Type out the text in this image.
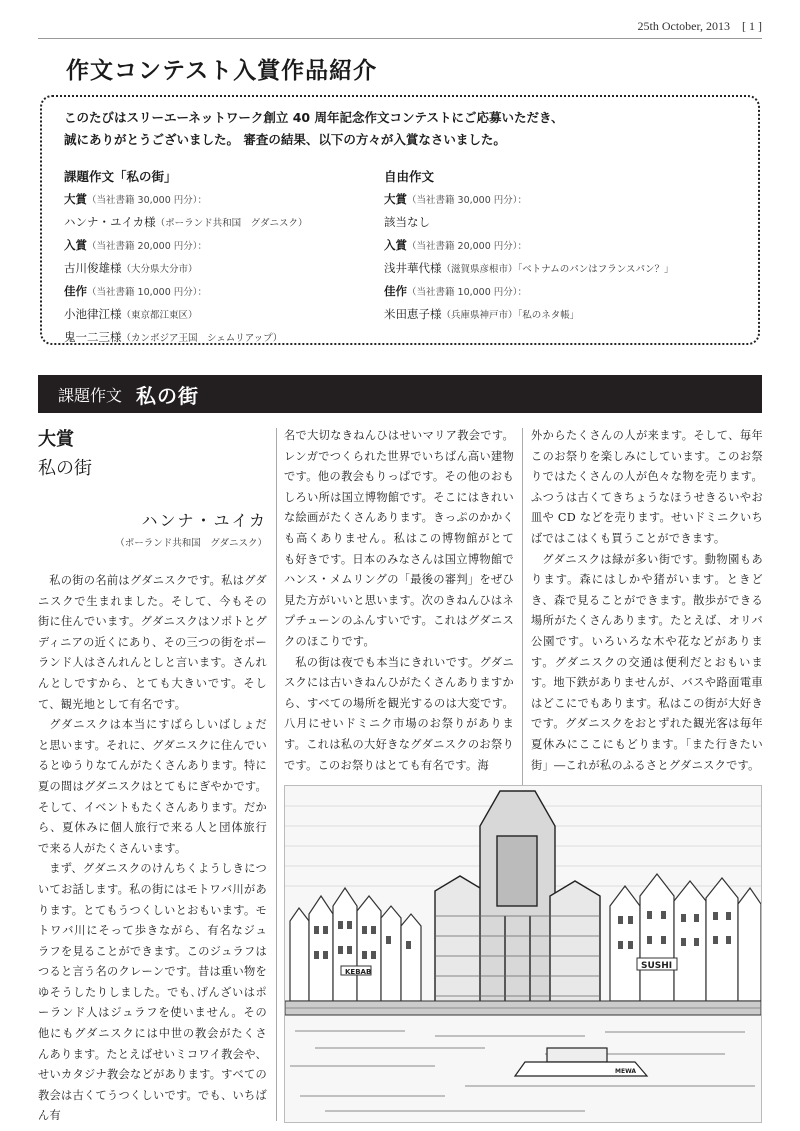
25th October, 2013　[ 1 ]
作文コンテスト入賞作品紹介
このたびはスリーエーネットワーク創立 40 周年記念作文コンテストにご応募いただき、
誠にありがとうございました。 審査の結果、以下の方々が入賞なさいました。
課題作文「私の街」
大賞（当社書籍 30,000 円分）：
ハンナ・ユイカ様（ポーランド共和国　グダニスク）
入賞（当社書籍 20,000 円分）：
古川俊雄様（大分県大分市）
佳作（当社書籍 10,000 円分）：
小池律江様（東京都江東区）
鬼一二三様（カンボジア王国　シェムリアップ）
自由作文
大賞（当社書籍 30,000 円分）：
該当なし
入賞（当社書籍 20,000 円分）：
浅井華代様（滋賀県彦根市）「ベトナムのパンはフランスパン？」
佳作（当社書籍 10,000 円分）：
米田恵子様（兵庫県神戸市）「私のネタ帳」
課題作文 私の街
大賞
私の街
ハンナ・ユイカ
（ポーランド共和国　グダニスク）

私の街の名前はグダニスクです。私はグダニスクで生まれました。そして、今もその街に住んでいます。グダニスクはソポトとグディニアの近くにあり、その三つの街をポーランド人はさんれんとしと言います。さんれんとしですから、とても大きいです。そして、観光地として有名です。

グダニスクは本当にすばらしいばしょだと思います。それに、グダニスクに住んでいるとゆうりなてんがたくさんあります。特に夏の間はグダニスクはとてもにぎやかです。そして、イベントもたくさんあります。だから、夏休みに個人旅行で来る人と団体旅行で来る人がたくさんいます。

まず、グダニスクのけんちくようしきについてお話します。私の街にはモトワバ川があります。とてもうつくしいとおもいます。モトワバ川にそって歩きながら、有名なジュラフを見ることができます。このジュラフはつると言う名のクレーンです。昔は重い物をゆそうしたりしました。でも､げんざいはポーランド人はジュラフを使いません。その他にもグダニスクには中世の教会がたくさんあります。たとえばせいミコワイ教会や、せいカタジナ教会などがあります。すべての教会は古くてうつくしいです。でも、いちばん有

名で大切なきねんひはせいマリア教会です。レンガでつくられた世界でいちばん高い建物です。他の教会もりっぱです。その他のおもしろい所は国立博物館です。そこにはきれいな絵画がたくさんあります。きっぷのかかくも高くありません。私はこの博物館がとても好きです。日本のみなさんは国立博物館でハンス・メムリングの「最後の審判」をぜひ見た方がいいと思います。次のきねんひはネプチューンのふんすいです。これはグダニスクのほこりです。

私の街は夜でも本当にきれいです。グダニスクには古いきねんひがたくさんありますから、すべての場所を観光するのは大変です。八月にせいドミニク市場のお祭りがあります。これは私の大好きなグダニスクのお祭りです。このお祭りはとても有名です。海

外からたくさんの人が来ます。そして、毎年このお祭りを楽しみにしています。このお祭りではたくさんの人が色々な物を売ります。ふつうは古くてきちょうなほうせきるいやお皿や CD などを売ります。せいドミニクいちばではこはくも買うことができます。

グダニスクは緑が多い街です。動物園もあります。森にはしかや猪がいます。ときどき、森で見ることができます。散歩ができる場所がたくさんあります。たとえば、オリバ公園です。いろいろな木や花などがあります。グダニスクの交通は便利だとおもいます。地下鉄がありませんが、バスや路面電車はどこにでもあります。私はこの街が大好きです。グダニスクをおとずれた観光客は毎年夏休みにここにもどります。「また行きたい街」―これが私のふるさとグダニスクです。

KEBAB
SUSHI
MEWA
